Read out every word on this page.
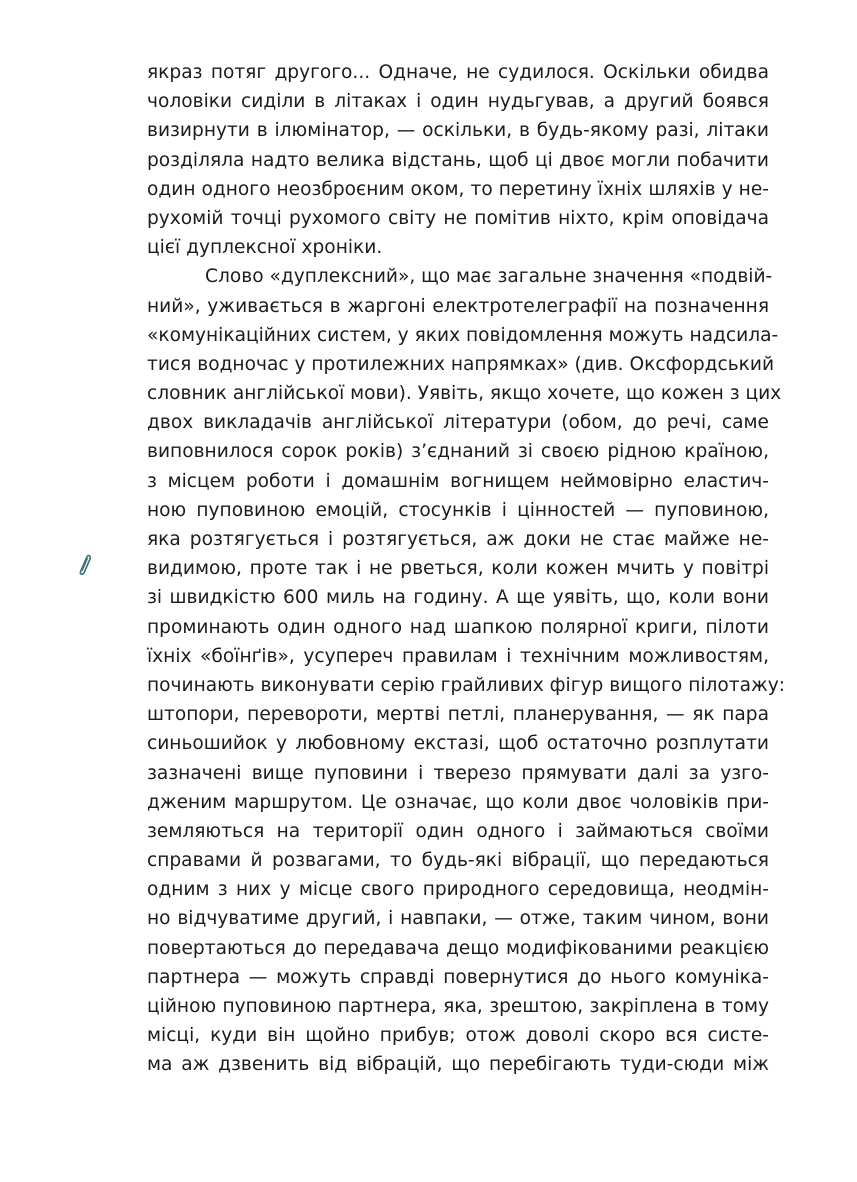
якраз потяг другого... Одначе, не судилося. Оскільки обидва
чоловіки сиділи в літаках і один нудьгував, а другий боявся
визирнути в ілюмінатор, — оскільки, в будь-якому разі, літаки
розділяла надто велика відстань, щоб ці двоє могли побачити
один одного неозброєним оком, то перетину їхніх шляхів у не-
рухомій точці рухомого світу не помітив ніхто, крім оповідача
цієї дуплексної хроніки.
Слово «дуплексний», що має загальне значення «подвій-
ний», уживається в жаргоні електротелеграфії на позначення
«комунікаційних систем, у яких повідомлення можуть надсила-
тися водночас у протилежних напрямках» (див. Оксфордський
словник англійської мови). Уявіть, якщо хочете, що кожен з цих
двох викладачів англійської літератури (обом, до речі, саме
виповнилося сорок років) з’єднаний зі своєю рідною країною,
з місцем роботи і домашнім вогнищем неймовірно еластич-
ною пуповиною емоцій, стосунків і цінностей — пуповиною,
яка розтягується і розтягується, аж доки не стає майже не-
видимою, проте так і не рветься, коли кожен мчить у повітрі
зі швидкістю 600 миль на годину. А ще уявіть, що, коли вони
проминають один одного над шапкою полярної криги, пілоти
їхніх «боїнґів», усупереч правилам і технічним можливостям,
починають виконувати серію грайливих фігур вищого пілотажу:
штопори, перевороти, мертві петлі, планерування, — як пара
синьошийок у любовному екстазі, щоб остаточно розплутати
зазначені вище пуповини і тверезо прямувати далі за узго-
дженим маршрутом. Це означає, що коли двоє чоловіків при-
земляються на території один одного і займаються своїми
справами й розвагами, то будь-які вібрації, що передаються
одним з них у місце свого природного середовища, неодмін-
но відчуватиме другий, і навпаки, — отже, таким чином, вони
повертаються до передавача дещо модифікованими реакцією
партнера — можуть справді повернутися до нього комуніка-
ційною пуповиною партнера, яка, зрештою, закріплена в тому
місці, куди він щойно прибув; отож доволі скоро вся систе-
ма аж дзвенить від вібрацій, що перебігають туди-сюди між
